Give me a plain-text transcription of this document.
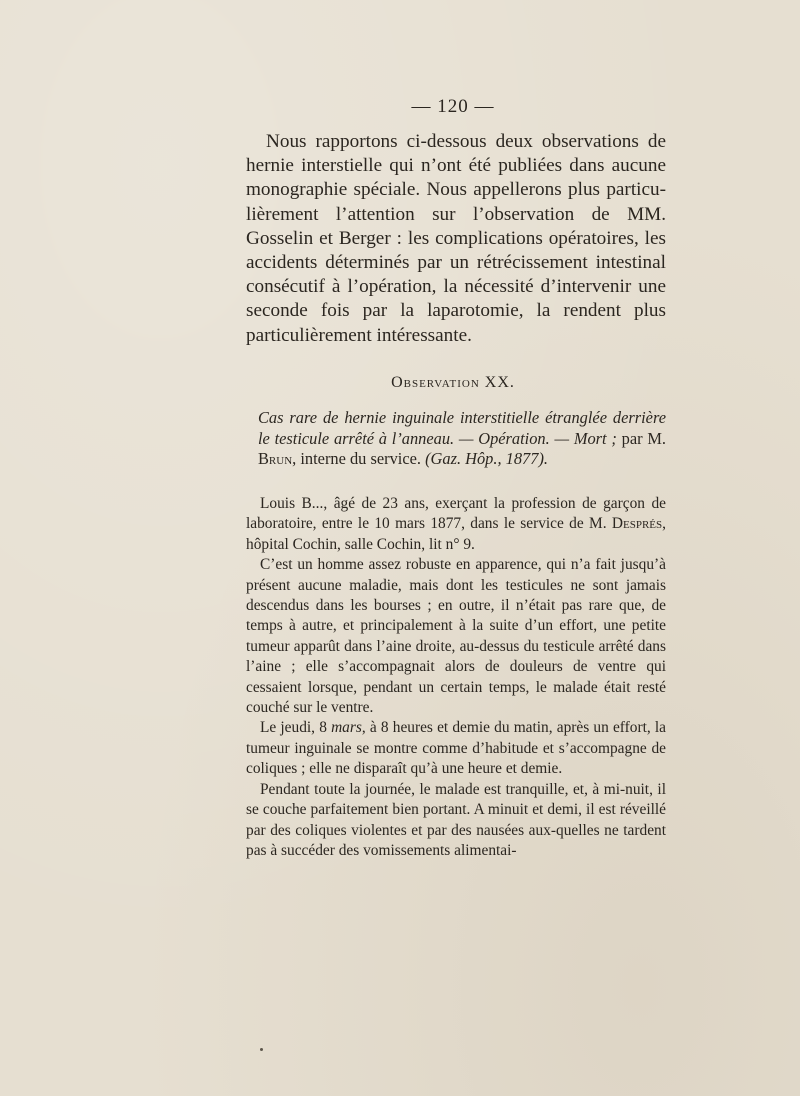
— 120 —

Nous rapportons ci-dessous deux observations de hernie interstielle qui n’ont été publiées dans aucune monographie spéciale. Nous appellerons plus particu-lièrement l’attention sur l’observation de MM. Gosselin et Berger : les complications opératoires, les accidents déterminés par un rétrécissement intestinal consécutif à l’opération, la nécessité d’intervenir une seconde fois par la laparotomie, la rendent plus particulièrement intéressante.

Observation XX.

Cas rare de hernie inguinale interstitielle étranglée derrière le testicule arrêté à l’anneau. — Opération. — Mort ; par M. Brun, interne du service. (Gaz. Hôp., 1877).

Louis B..., âgé de 23 ans, exerçant la profession de garçon de laboratoire, entre le 10 mars 1877, dans le service de M. Després, hôpital Cochin, salle Cochin, lit n° 9.

C’est un homme assez robuste en apparence, qui n’a fait jusqu’à présent aucune maladie, mais dont les testicules ne sont jamais descendus dans les bourses ; en outre, il n’était pas rare que, de temps à autre, et principalement à la suite d’un effort, une petite tumeur apparût dans l’aine droite, au-dessus du testicule arrêté dans l’aine ; elle s’accompagnait alors de douleurs de ventre qui cessaient lorsque, pendant un certain temps, le malade était resté couché sur le ventre.

Le jeudi, 8 mars, à 8 heures et demie du matin, après un effort, la tumeur inguinale se montre comme d’habitude et s’accompagne de coliques ; elle ne disparaît qu’à une heure et demie.

Pendant toute la journée, le malade est tranquille, et, à mi-nuit, il se couche parfaitement bien portant. A minuit et demi, il est réveillé par des coliques violentes et par des nausées aux-quelles ne tardent pas à succéder des vomissements alimentai-
